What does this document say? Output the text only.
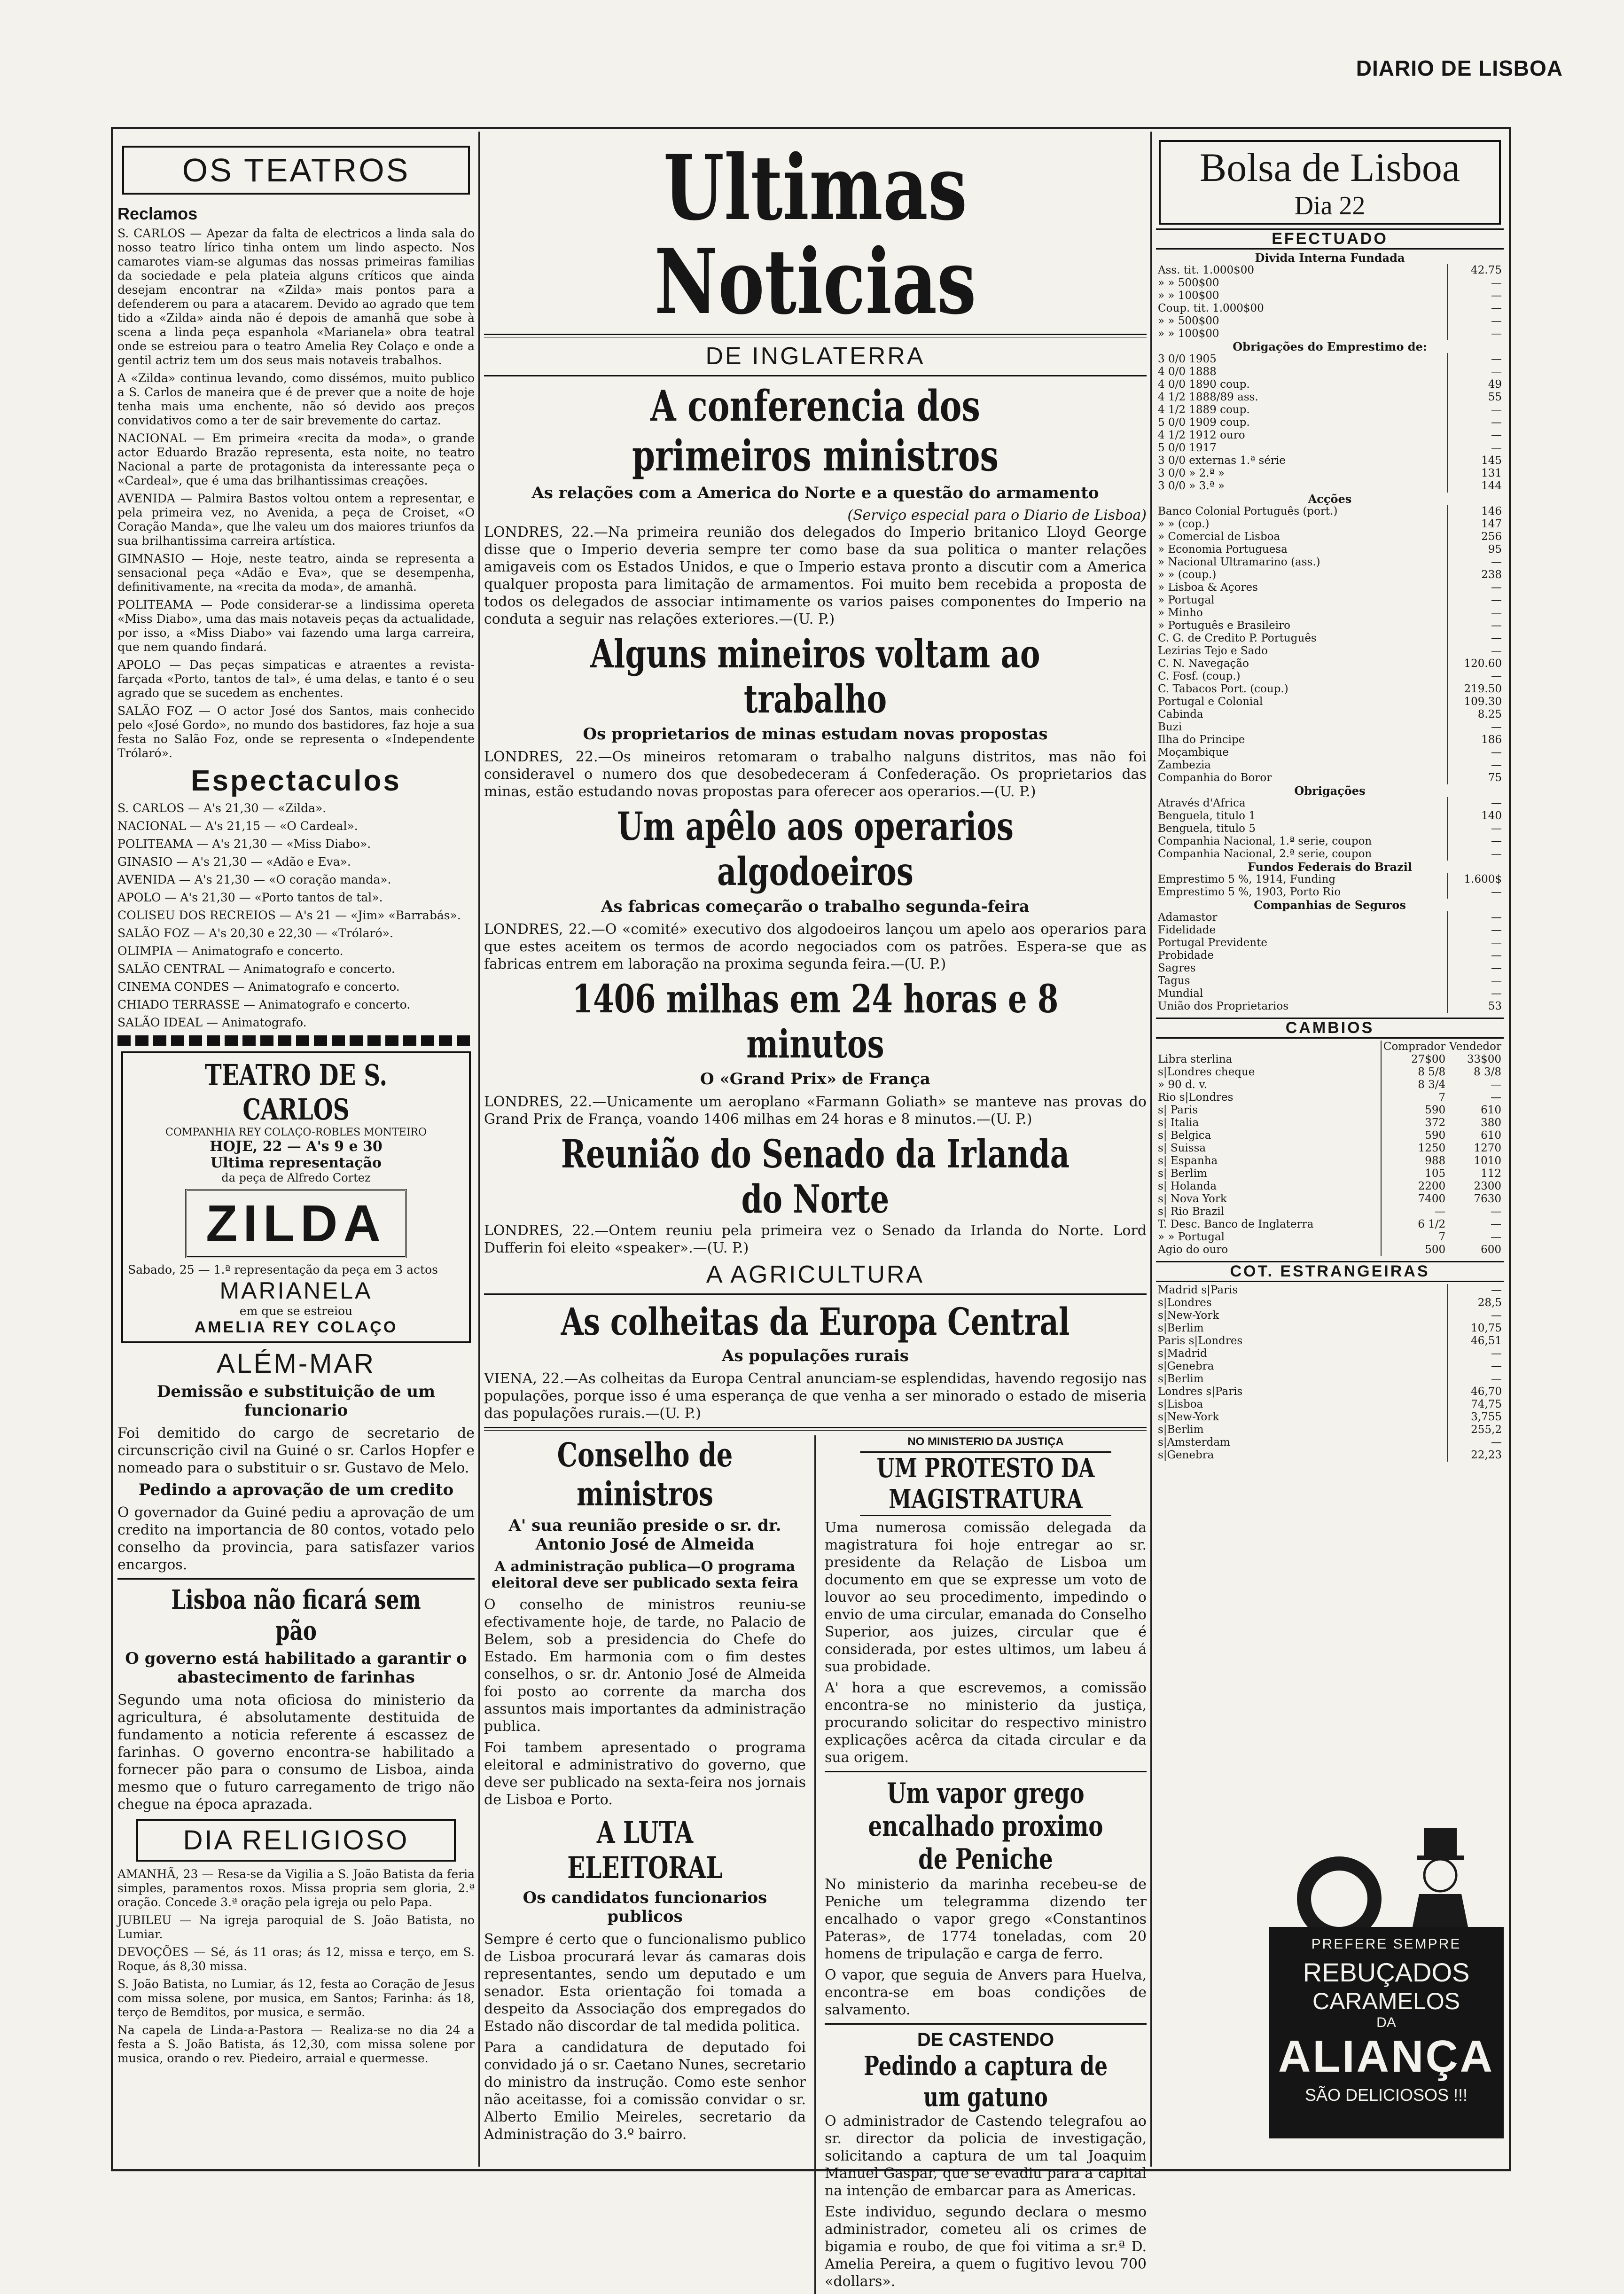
DIARIO DE LISBOA
OS TEATROS
Reclamos

S. CARLOS — Apezar da falta de electricos a linda sala do nosso teatro lírico tinha ontem um lindo aspecto. Nos camarotes viam-se algumas das nossas primeiras familias da sociedade e pela plateia alguns críticos que ainda desejam encontrar na «Zilda» mais pontos para a defenderem ou para a atacarem. Devido ao agrado que tem tido a «Zilda» ainda não é depois de amanhã que sobe à scena a linda peça espanhola «Marianela» obra teatral onde se estreiou para o teatro Amelia Rey Colaço e onde a gentil actriz tem um dos seus mais notaveis trabalhos.

A «Zilda» continua levando, como dissémos, muito publico a S. Carlos de maneira que é de prever que a noite de hoje tenha mais uma enchente, não só devido aos preços convidativos como a ter de sair brevemente do cartaz.

NACIONAL — Em primeira «recita da moda», o grande actor Eduardo Brazão representa, esta noite, no teatro Nacional a parte de protagonista da interessante peça o «Cardeal», que é uma das brilhantissimas creações.

AVENIDA — Palmira Bastos voltou ontem a representar, e pela primeira vez, no Avenida, a peça de Croiset, «O Coração Manda», que lhe valeu um dos maiores triunfos da sua brilhantissima carreira artística.

GIMNASIO — Hoje, neste teatro, ainda se representa a sensacional peça «Adão e Eva», que se desempenha, definitivamente, na «recita da moda», de amanhã.

POLITEAMA — Pode considerar-se a lindissima opereta «Miss Diabo», uma das mais notaveis peças da actualidade, por isso, a «Miss Diabo» vai fazendo uma larga carreira, que nem quando findará.

APOLO — Das peças simpaticas e atraentes a revista-farçada «Porto, tantos de tal», é uma delas, e tanto é o seu agrado que se sucedem as enchentes.

SALÃO FOZ — O actor José dos Santos, mais conhecido pelo «José Gordo», no mundo dos bastidores, faz hoje a sua festa no Salão Foz, onde se representa o «Independente Trólaró».

Espectaculos

S. CARLOS — A's 21,30 — «Zilda».

NACIONAL — A's 21,15 — «O Cardeal».

POLITEAMA — A's 21,30 — «Miss Diabo».

GINASIO — A's 21,30 — «Adão e Eva».

AVENIDA — A's 21,30 — «O coração manda».

APOLO — A's 21,30 — «Porto tantos de tal».

COLISEU DOS RECREIOS — A's 21 — «Jim» «Barrabás».

SALÃO FOZ — A's 20,30 e 22,30 — «Trólaró».

OLIMPIA — Animatografo e concerto.

SALÃO CENTRAL — Animatografo e concerto.

CINEMA CONDES — Animatografo e concerto.

CHIADO TERRASSE — Animatografo e concerto.

SALÃO IDEAL — Animatografo.

TEATRO DE S. CARLOS
COMPANHIA REY COLAÇO-ROBLES MONTEIRO
HOJE, 22 — A's 9 e 30
Ultima representação
da peça de Alfredo Cortez
ZILDA
Sabado, 25 — 1.ª representação da peça em 3 actos
MARIANELA
em que se estreiou
AMELIA REY COLAÇO
ALÉM-MAR
Demissão e substituição de um funcionario

Foi demitido do cargo de secretario de circunscrição civil na Guiné o sr. Carlos Hopfer e nomeado para o substituir o sr. Gustavo de Melo.

Pedindo a aprovação de um credito

O governador da Guiné pediu a aprovação de um credito na importancia de 80 contos, votado pelo conselho da provincia, para satisfazer varios encargos.

Lisboa não ficará sem pão
O governo está habilitado a garantir o abastecimento de farinhas

Segundo uma nota oficiosa do ministerio da agricultura, é absolutamente destituida de fundamento a noticia referente á escassez de farinhas. O governo encontra-se habilitado a fornecer pão para o consumo de Lisboa, ainda mesmo que o futuro carregamento de trigo não chegue na época aprazada.

DIA RELIGIOSO

AMANHÃ, 23 — Resa-se da Vigilia a S. João Batista da feria simples, paramentos roxos. Missa propria sem gloria, 2.ª oração. Concede 3.ª oração pela igreja ou pelo Papa.

JUBILEU — Na igreja paroquial de S. João Batista, no Lumiar.

DEVOÇÕES — Sé, ás 11 oras; ás 12, missa e terço, em S. Roque, ás 8,30 missa.

S. João Batista, no Lumiar, ás 12, festa ao Coração de Jesus com missa solene, por musica, em Santos; Farinha: ás 18, terço de Bemditos, por musica, e sermão.

Na capela de Linda-a-Pastora — Realiza-se no dia 24 a festa a S. João Batista, ás 12,30, com missa solene por musica, orando o rev. Piedeiro, arraial e quermesse.

Ultimas Noticias
DE INGLATERRA
A conferencia dos primeiros ministros
As relações com a America do Norte e a questão do armamento
(Serviço especial para o Diario de Lisboa)

LONDRES, 22.—Na primeira reunião dos delegados do Imperio britanico Lloyd George disse que o Imperio deveria sempre ter como base da sua politica o manter relações amigaveis com os Estados Unidos, e que o Imperio estava pronto a discutir com a America qualquer proposta para limitação de armamentos. Foi muito bem recebida a proposta de todos os delegados de associar intimamente os varios paises componentes do Imperio na conduta a seguir nas relações exteriores.—(U. P.)

Alguns mineiros voltam ao trabalho
Os proprietarios de minas estudam novas propostas

LONDRES, 22.—Os mineiros retomaram o trabalho nalguns distritos, mas não foi consideravel o numero dos que desobedeceram á Confederação. Os proprietarios das minas, estão estudando novas propostas para oferecer aos operarios.—(U. P.)

Um apêlo aos operarios algodoeiros
As fabricas começarão o trabalho segunda-feira

LONDRES, 22.—O «comité» executivo dos algodoeiros lançou um apelo aos operarios para que estes aceitem os termos de acordo negociados com os patrões. Espera-se que as fabricas entrem em laboração na proxima segunda feira.—(U. P.)

1406 milhas em 24 horas e 8 minutos
O «Grand Prix» de França

LONDRES, 22.—Unicamente um aeroplano «Farmann Goliath» se manteve nas provas do Grand Prix de França, voando 1406 milhas em 24 horas e 8 minutos.—(U. P.)

Reunião do Senado da Irlanda do Norte

LONDRES, 22.—Ontem reuniu pela primeira vez o Senado da Irlanda do Norte. Lord Dufferin foi eleito «speaker».—(U. P.)

A AGRICULTURA
As colheitas da Europa Central
As populações rurais

VIENA, 22.—As colheitas da Europa Central anunciam-se esplendidas, havendo regosijo nas populações, porque isso é uma esperança de que venha a ser minorado o estado de miseria das populações rurais.—(U. P.)

Conselho de ministros
A' sua reunião preside o sr. dr. Antonio José de Almeida
A administração publica—O programa eleitoral deve ser publicado sexta feira

O conselho de ministros reuniu-se efectivamente hoje, de tarde, no Palacio de Belem, sob a presidencia do Chefe do Estado. Em harmonia com o fim destes conselhos, o sr. dr. Antonio José de Almeida foi posto ao corrente da marcha dos assuntos mais importantes da administração publica.

Foi tambem apresentado o programa eleitoral e administrativo do governo, que deve ser publicado na sexta-feira nos jornais de Lisboa e Porto.

A LUTA ELEITORAL
Os candidatos funcionarios publicos

Sempre é certo que o funcionalismo publico de Lisboa procurará levar ás camaras dois representantes, sendo um deputado e um senador. Esta orientação foi tomada a despeito da Associação dos empregados do Estado não discordar de tal medida politica.

Para a candidatura de deputado foi convidado já o sr. Caetano Nunes, secretario do ministro da instrução. Como este senhor não aceitasse, foi a comissão convidar o sr. Alberto Emilio Meireles, secretario da Administração do 3.º bairro.

NO MINISTERIO DA JUSTIÇA
UM PROTESTO DA MAGISTRATURA

Uma numerosa comissão delegada da magistratura foi hoje entregar ao sr. presidente da Relação de Lisboa um documento em que se expresse um voto de louvor ao seu procedimento, impedindo o envio de uma circular, emanada do Conselho Superior, aos juizes, circular que é considerada, por estes ultimos, um labeu á sua probidade.

A' hora a que escrevemos, a comissão encontra-se no ministerio da justiça, procurando solicitar do respectivo ministro explicações acêrca da citada circular e da sua origem.

Um vapor grego encalhado proximo de Peniche

No ministerio da marinha recebeu-se de Peniche um telegramma dizendo ter encalhado o vapor grego «Constantinos Pateras», de 1774 toneladas, com 20 homens de tripulação e carga de ferro.

O vapor, que seguia de Anvers para Huelva, encontra-se em boas condições de salvamento.

DE CASTENDO
Pedindo a captura de um gatuno

O administrador de Castendo telegrafou ao sr. director da policia de investigação, solicitando a captura de um tal Joaquim Manuel Gaspar, que se evadiu para a capital na intenção de embarcar para as Americas.

Este individuo, segundo declara o mesmo administrador, cometeu ali os crimes de bigamia e roubo, de que foi vitima a sr.ª D. Amelia Pereira, a quem o fugitivo levou 700 «dollars».

Bolsa de Lisboa
Dia 22
EFECTUADO
Divida Interna Fundada	
Ass. tit. 1.000$00	42.75
» » 500$00	—
» » 100$00	—
Coup. tit. 1.000$00	—
» » 500$00	—
» » 100$00	—
Obrigações do Emprestimo de:	
3 0/0 1905	—
4 0/0 1888	—
4 0/0 1890 coup.	49
4 1/2 1888/89 ass.	55
4 1/2 1889 coup.	—
5 0/0 1909 coup.	—
4 1/2 1912 ouro	—
5 0/0 1917	—
3 0/0 externas 1.ª série	145
3 0/0 » 2.ª »	131
3 0/0 » 3.ª »	144
Acções	
Banco Colonial Português (port.)	146
» » (cop.)	147
» Comercial de Lisboa	256
» Economia Portuguesa	95
» Nacional Ultramarino (ass.)	—
» » (coup.)	238
» Lisboa & Açores	—
» Portugal	—
» Minho	—
» Português e Brasileiro	—
C. G. de Credito P. Português	—
Lezirias Tejo e Sado	—
C. N. Navegação	120.60
C. Fosf. (coup.)	—
C. Tabacos Port. (coup.)	219.50
Portugal e Colonial	109.30
Cabinda	8.25
Buzi	—
Ilha do Principe	186
Moçambique	—
Zambezia	—
Companhia do Boror	75
Obrigações	
Através d'Africa	—
Benguela, titulo 1	140
Benguela, titulo 5	—
Companhia Nacional, 1.ª serie, coupon	—
Companhia Nacional, 2.ª serie, coupon	—
Fundos Federais do Brazil	
Emprestimo 5 %, 1914, Funding	1.600$
Emprestimo 5 %, 1903, Porto Rio	—
Companhias de Seguros	
Adamastor	—
Fidelidade	—
Portugal Previdente	—
Probidade	—
Sagres	—
Tagus	—
Mundial	—
União dos Proprietarios	53
CAMBIOS
	Comprador	Vendedor
Libra sterlina	27$00	33$00
s|Londres cheque	8 5/8	8 3/8
» 90 d. v.	8 3/4	—
Rio s|Londres	7	—
s| Paris	590	610
s| Italia	372	380
s| Belgica	590	610
s| Suissa	1250	1270
s| Espanha	988	1010
s| Berlim	105	112
s| Holanda	2200	2300
s| Nova York	7400	7630
s| Rio Brazil	—	—
T. Desc. Banco de Inglaterra	6 1/2	—
» » Portugal	7	—
Agio do ouro	500	600
COT. ESTRANGEIRAS
Madrid s|Paris	—
s|Londres	28,5
s|New-York	—
s|Berlim	10,75
Paris s|Londres	46,51
s|Madrid	—
s|Genebra	—
s|Berlim	—
Londres s|Paris	46,70
s|Lisboa	74,75
s|New-York	3,755
s|Berlim	255,2
s|Amsterdam	—
s|Genebra	22,23
PREFERE SEMPRE
REBUÇADOS
CARAMELOS
DA
ALIANÇA
SÃO DELICIOSOS !!!
